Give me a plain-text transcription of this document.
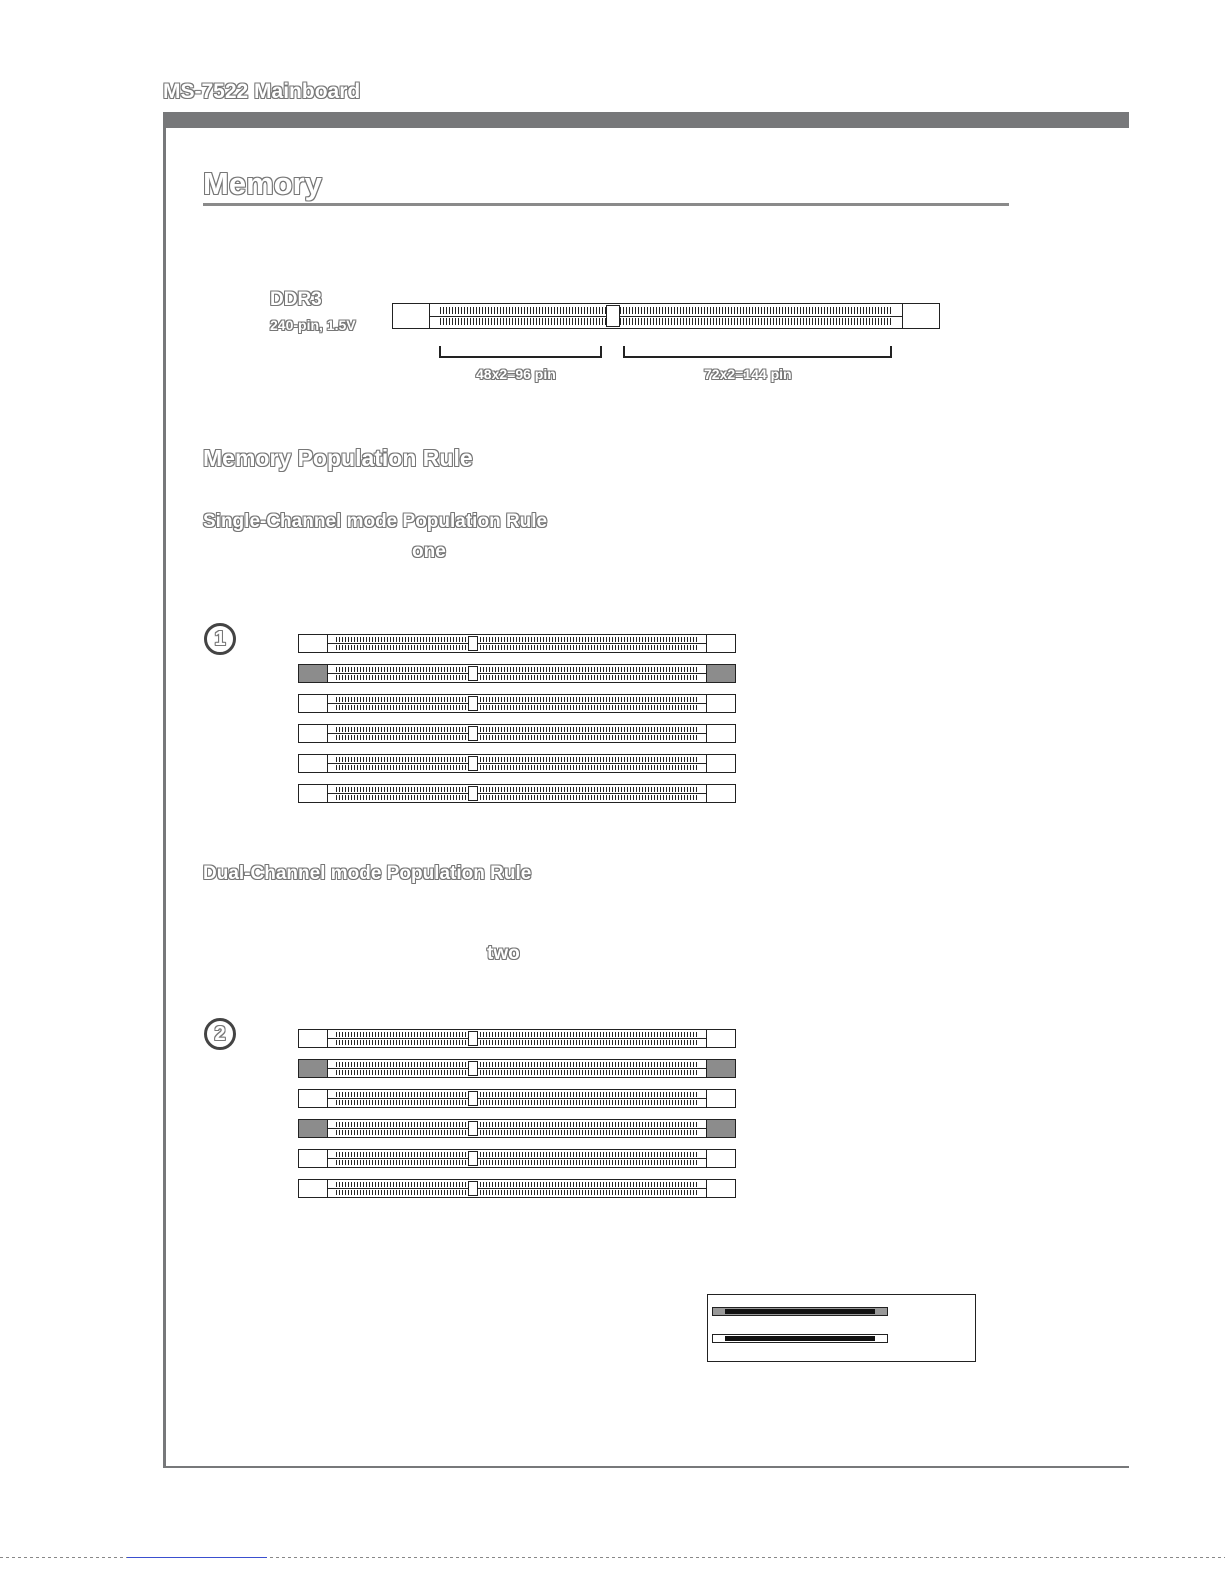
MS-7522 Mainboard
Memory
DDR3
240-pin, 1.5V
48x2=96 pin	72x2=144 pin
Memory Population Rule
Single-Channel mode Population Rule
one
1
Dual-Channel mode Population Rule
two
2
